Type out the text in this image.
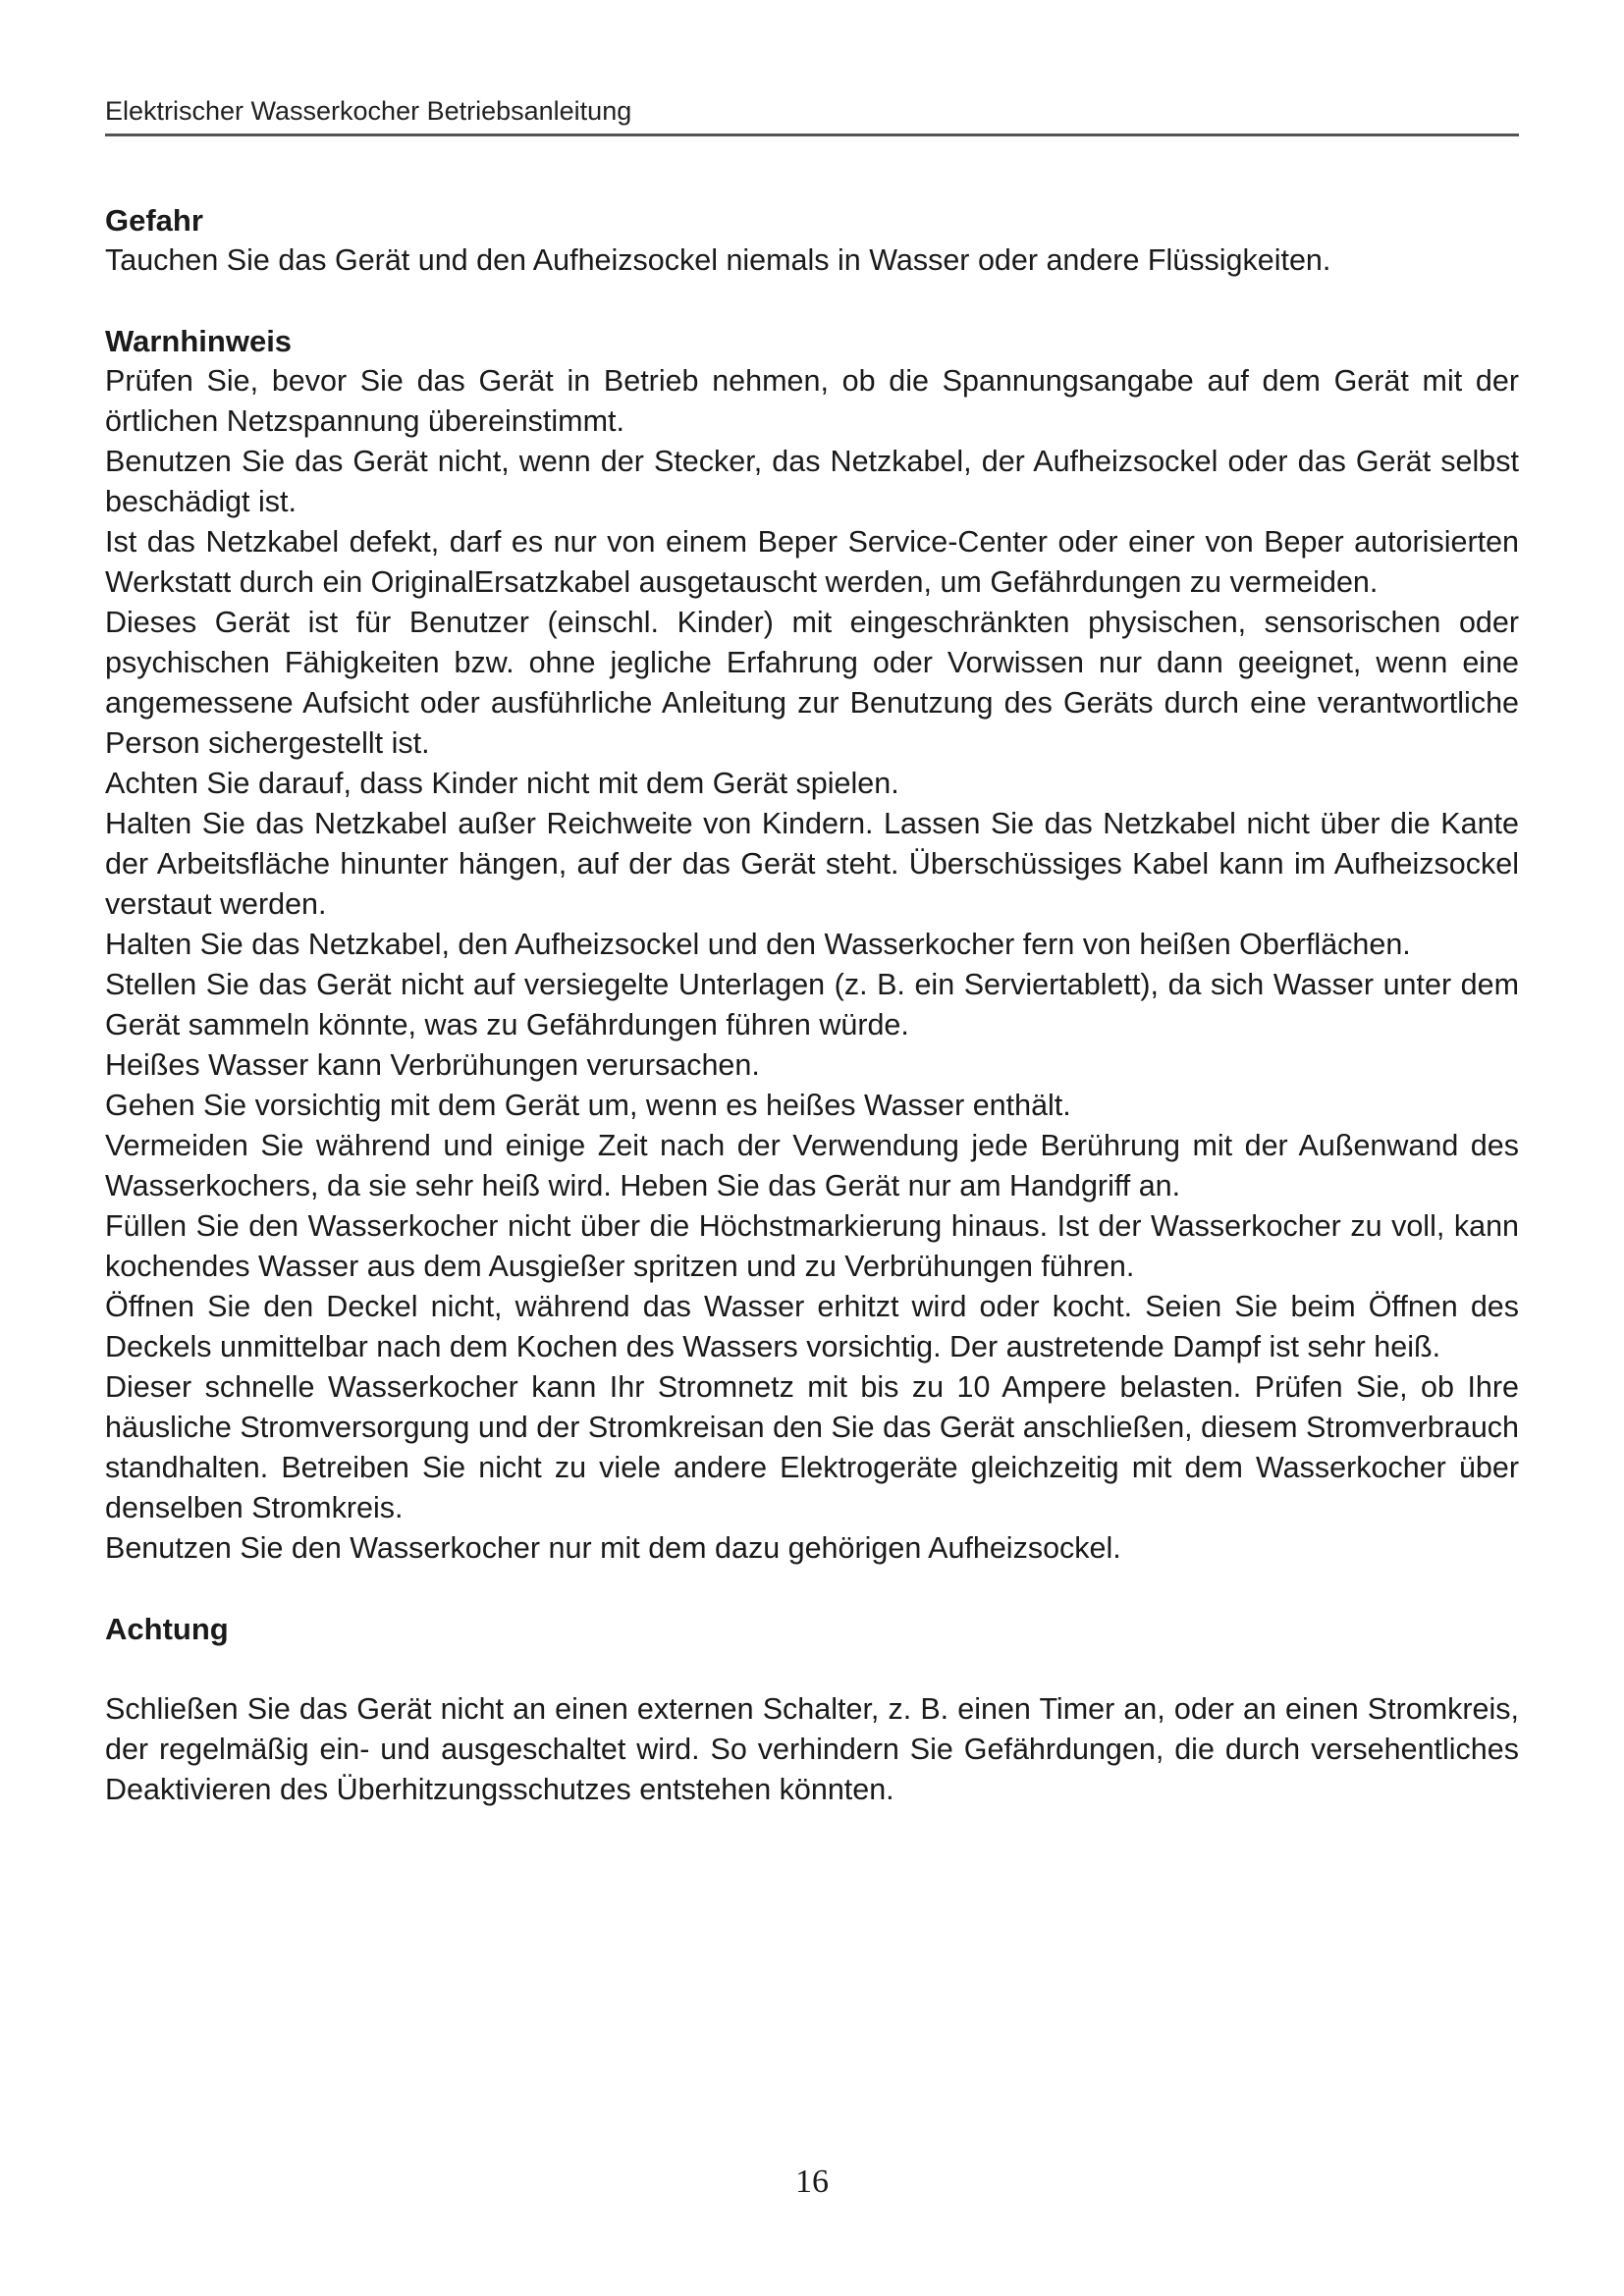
Elektrischer Wasserkocher Betriebsanleitung

Gefahr

Tauchen Sie das Gerät und den Aufheizsockel niemals in Wasser oder andere Flüssigkeiten.

Warnhinweis

Prüfen Sie, bevor Sie das Gerät in Betrieb nehmen, ob die Spannungsangabe auf dem Gerät mit der örtlichen Netzspannung übereinstimmt.

Benutzen Sie das Gerät nicht, wenn der Stecker, das Netzkabel, der Aufheizsockel oder das Gerät selbst beschädigt ist.

Ist das Netzkabel defekt, darf es nur von einem Beper Service-Center oder einer von Beper autorisierten Werkstatt durch ein OriginalErsatzkabel ausgetauscht werden, um Gefährdungen zu vermeiden.

Dieses Gerät ist für Benutzer (einschl. Kinder) mit eingeschränkten physischen, sensorischen oder psychischen Fähigkeiten bzw. ohne jegliche Erfahrung oder Vorwissen nur dann geeignet, wenn eine angemessene Aufsicht oder ausführliche Anleitung zur Benutzung des Geräts durch eine verantwortliche Person sichergestellt ist.

Achten Sie darauf, dass Kinder nicht mit dem Gerät spielen.

Halten Sie das Netzkabel außer Reichweite von Kindern. Lassen Sie das Netzkabel nicht über die Kante der Arbeitsfläche hinunter hängen, auf der das Gerät steht. Überschüssiges Kabel kann im Aufheizsockel verstaut werden.

Halten Sie das Netzkabel, den Aufheizsockel und den Wasserkocher fern von heißen Oberflächen.

Stellen Sie das Gerät nicht auf versiegelte Unterlagen (z. B. ein Serviertablett), da sich Wasser unter dem Gerät sammeln könnte, was zu Gefährdungen führen würde.

Heißes Wasser kann Verbrühungen verursachen.

Gehen Sie vorsichtig mit dem Gerät um, wenn es heißes Wasser enthält.

Vermeiden Sie während und einige Zeit nach der Verwendung jede Berührung mit der Außenwand des Wasserkochers, da sie sehr heiß wird. Heben Sie das Gerät nur am Handgriff an.

Füllen Sie den Wasserkocher nicht über die Höchstmarkierung hinaus. Ist der Wasserkocher zu voll, kann kochendes Wasser aus dem Ausgießer spritzen und zu Verbrühungen führen.

Öffnen Sie den Deckel nicht, während das Wasser erhitzt wird oder kocht. Seien Sie beim Öffnen des Deckels unmittelbar nach dem Kochen des Wassers vorsichtig. Der austretende Dampf ist sehr heiß.

Dieser schnelle Wasserkocher kann Ihr Stromnetz mit bis zu 10 Ampere belasten. Prüfen Sie, ob Ihre häusliche Stromversorgung und der Stromkreisan den Sie das Gerät anschließen, diesem Stromverbrauch standhalten. Betreiben Sie nicht zu viele andere Elektrogeräte gleichzeitig mit dem Wasserkocher über denselben Stromkreis.

Benutzen Sie den Wasserkocher nur mit dem dazu gehörigen Aufheizsockel.

Achtung

Schließen Sie das Gerät nicht an einen externen Schalter, z. B. einen Timer an, oder an einen Stromkreis, der regelmäßig ein- und ausgeschaltet wird. So verhindern Sie Gefährdungen, die durch versehentliches Deaktivieren des Überhitzungsschutzes entstehen könnten.

16
